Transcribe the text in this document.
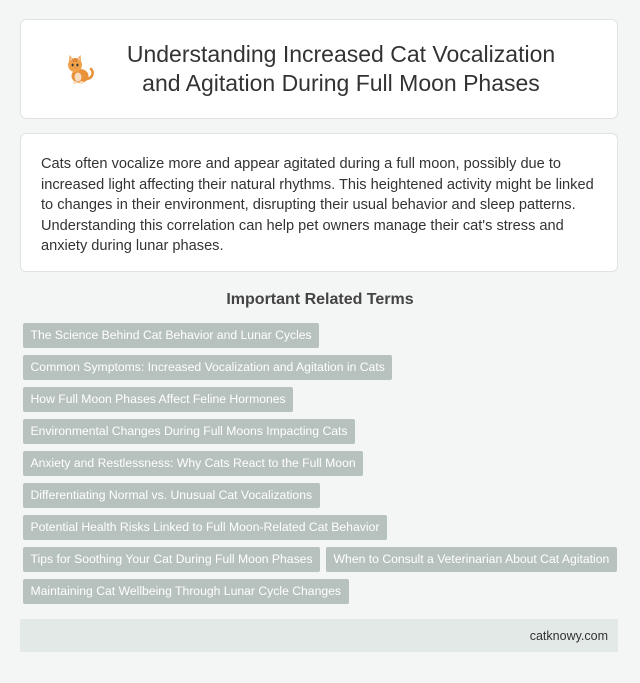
Understanding Increased Cat Vocalization and Agitation During Full Moon Phases

Cats often vocalize more and appear agitated during a full moon, possibly due to increased light affecting their natural rhythms. This heightened activity might be linked to changes in their environment, disrupting their usual behavior and sleep patterns. Understanding this correlation can help pet owners manage their cat's stress and anxiety during lunar phases.

Important Related Terms
The Science Behind Cat Behavior and Lunar Cycles
Common Symptoms: Increased Vocalization and Agitation in Cats
How Full Moon Phases Affect Feline Hormones
Environmental Changes During Full Moons Impacting Cats
Anxiety and Restlessness: Why Cats React to the Full Moon
Differentiating Normal vs. Unusual Cat Vocalizations
Potential Health Risks Linked to Full Moon-Related Cat Behavior
Tips for Soothing Your Cat During Full Moon Phases	When to Consult a Veterinarian About Cat Agitation
Maintaining Cat Wellbeing Through Lunar Cycle Changes
catknowy.com
